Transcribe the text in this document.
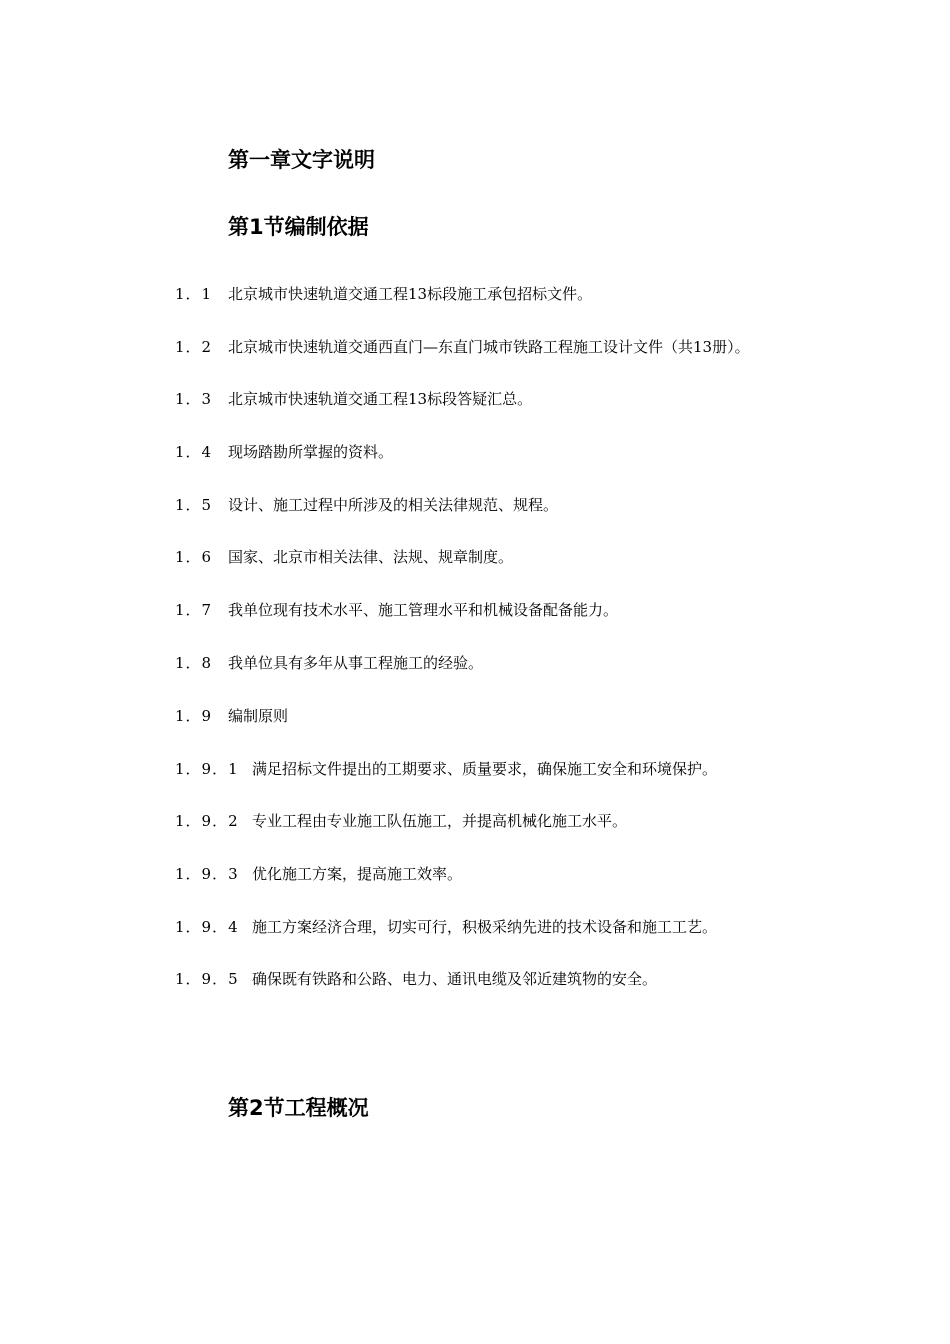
第一章文字说明
第1节编制依据
1．1 北京城市快速轨道交通工程13标段施工承包招标文件。
1．2 北京城市快速轨道交通西直门—东直门城市铁路工程施工设计文件（共13册）。
1．3 北京城市快速轨道交通工程13标段答疑汇总。
1．4 现场踏勘所掌握的资料。
1．5 设计、施工过程中所涉及的相关法律规范、规程。
1．6 国家、北京市相关法律、法规、规章制度。
1．7 我单位现有技术水平、施工管理水平和机械设备配备能力。
1．8 我单位具有多年从事工程施工的经验。
1．9 编制原则
1．9．1 满足招标文件提出的工期要求、质量要求，确保施工安全和环境保护。
1．9．2 专业工程由专业施工队伍施工，并提高机械化施工水平。
1．9．3 优化施工方案，提高施工效率。
1．9．4 施工方案经济合理，切实可行，积极采纳先进的技术设备和施工工艺。
1．9．5 确保既有铁路和公路、电力、通讯电缆及邻近建筑物的安全。
第2节工程概况
